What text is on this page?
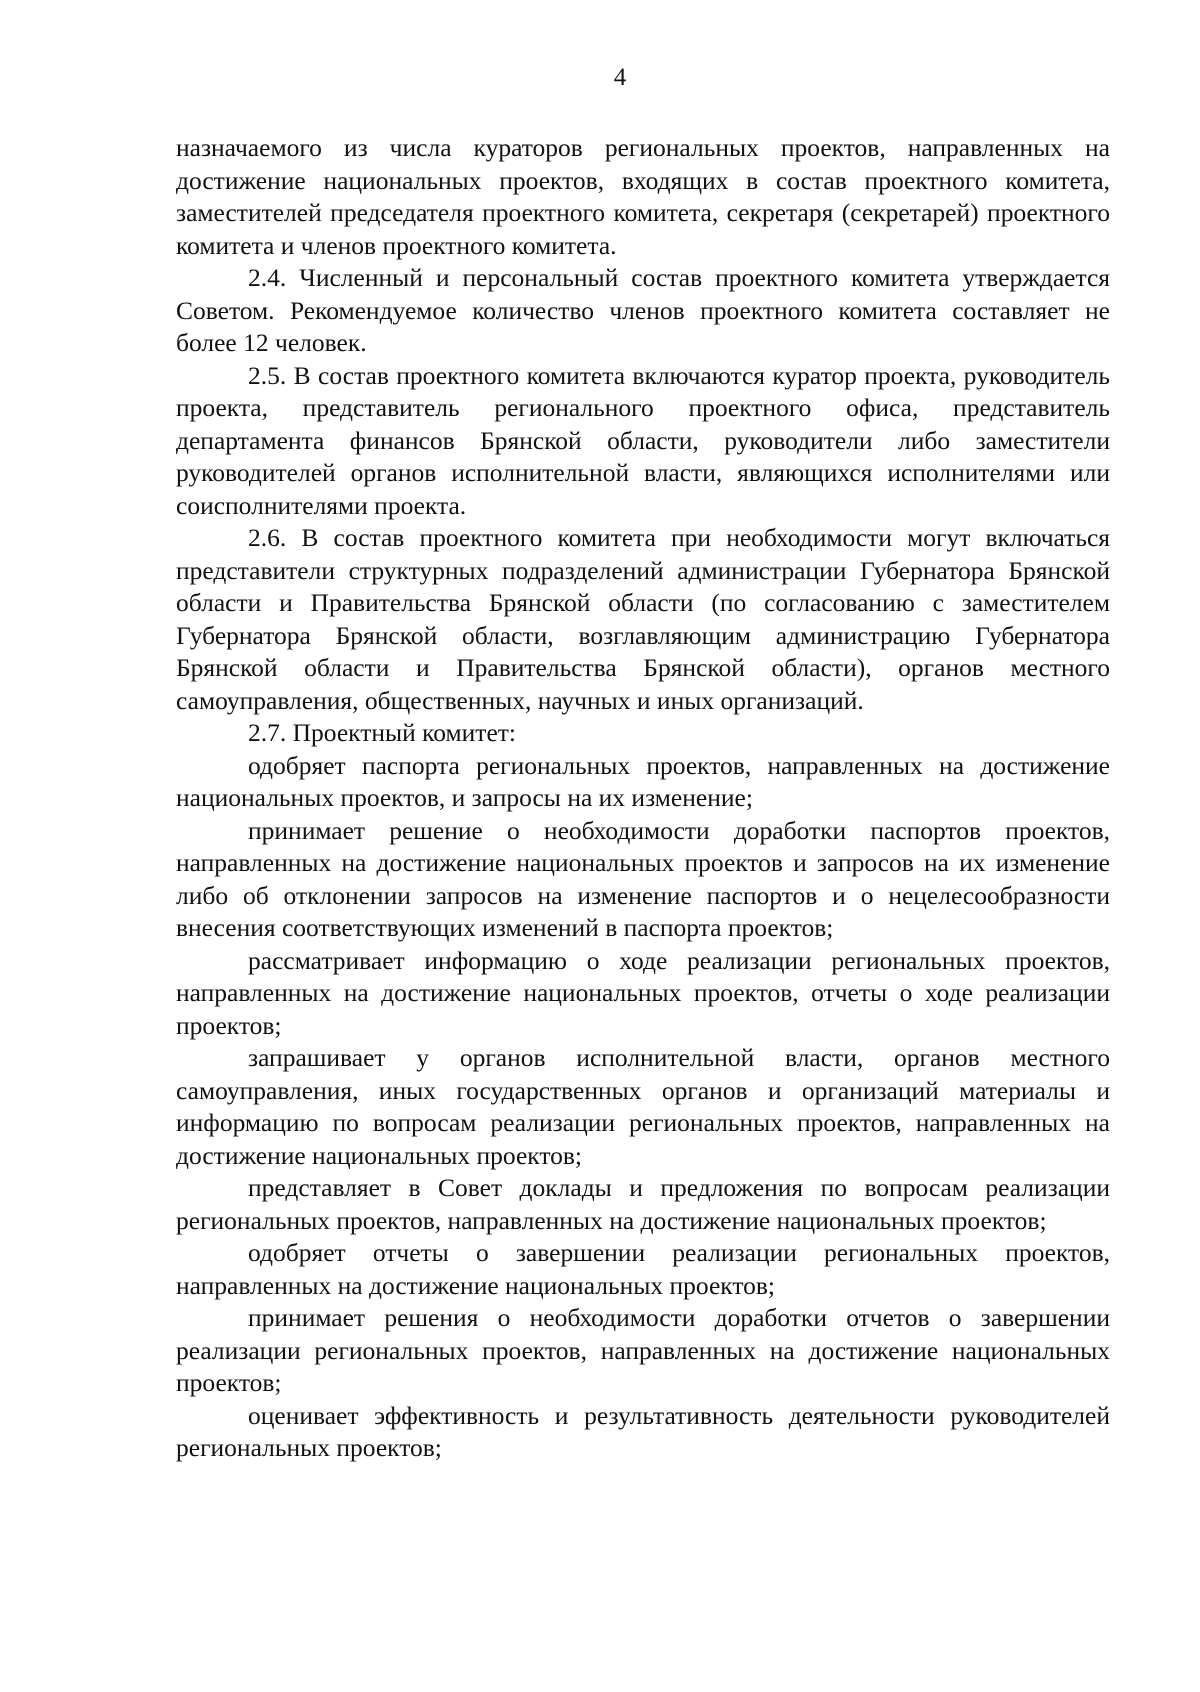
4

назначаемого из числа кураторов региональных проектов, направленных на достижение национальных проектов, входящих в состав проектного комитета, заместителей председателя проектного комитета, секретаря (секретарей) проектного комитета и членов проектного комитета.

2.4. Численный и персональный состав проектного комитета утверждается Советом. Рекомендуемое количество членов проектного комитета составляет не более 12 человек.

2.5. В состав проектного комитета включаются куратор проекта, руководитель проекта, представитель регионального проектного офиса, представитель департамента финансов Брянской области, руководители либо заместители руководителей органов исполнительной власти, являющихся исполнителями или соисполнителями проекта.

2.6. В состав проектного комитета при необходимости могут включаться представители структурных подразделений администрации Губернатора Брянской области и Правительства Брянской области (по согласованию с заместителем Губернатора Брянской области, возглавляющим администрацию Губернатора Брянской области и Правительства Брянской области), органов местного самоуправления, общественных, научных и иных организаций.

2.7. Проектный комитет:

одобряет паспорта региональных проектов, направленных на достижение национальных проектов, и запросы на их изменение;

принимает решение о необходимости доработки паспортов проектов, направленных на достижение национальных проектов и запросов на их изменение либо об отклонении запросов на изменение паспортов и о нецелесообразности внесения соответствующих изменений в паспорта проектов;

рассматривает информацию о ходе реализации региональных проектов, направленных на достижение национальных проектов, отчеты о ходе реализации проектов;

запрашивает у органов исполнительной власти, органов местного самоуправления, иных государственных органов и организаций материалы и информацию по вопросам реализации региональных проектов, направленных на достижение национальных проектов;

представляет в Совет доклады и предложения по вопросам реализации региональных проектов, направленных на достижение национальных проектов;

одобряет отчеты о завершении реализации региональных проектов, направленных на достижение национальных проектов;

принимает решения о необходимости доработки отчетов о завершении реализации региональных проектов, направленных на достижение национальных проектов;

оценивает эффективность и результативность деятельности руководителей региональных проектов;
